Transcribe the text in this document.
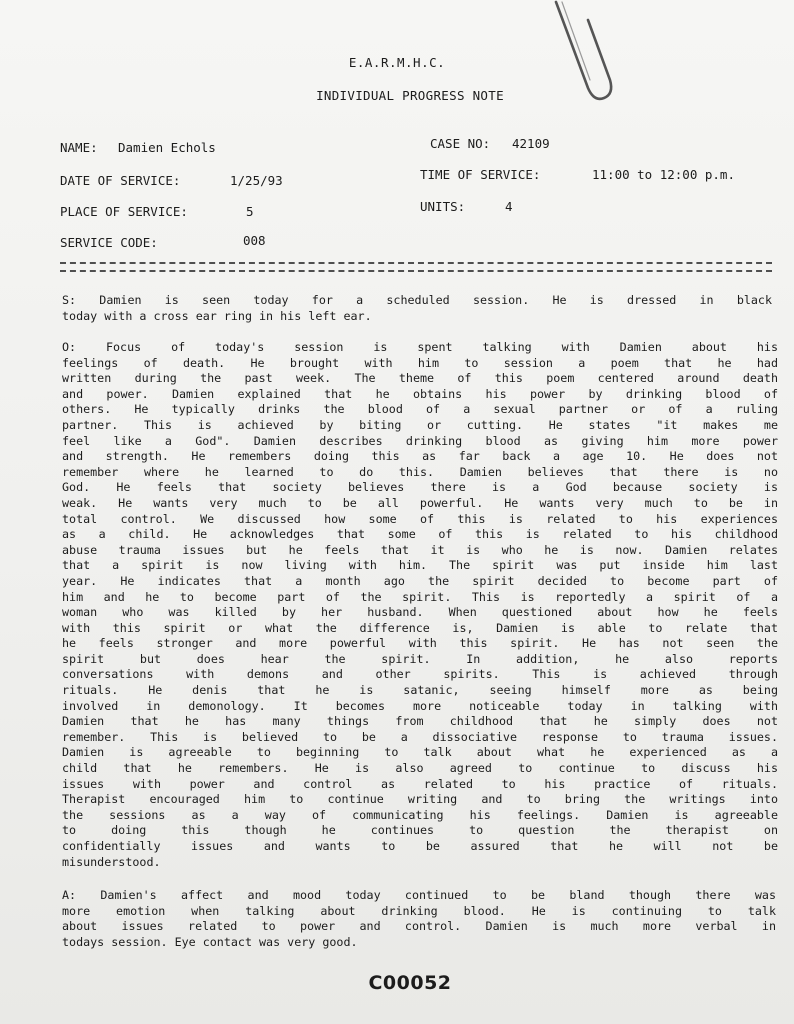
E.A.R.M.H.C.
INDIVIDUAL PROGRESS NOTE
NAME: Damien Echols	CASE NO: 42109
DATE OF SERVICE:	1/25/93	TIME OF SERVICE:	11:00 to 12:00 p.m.
PLACE OF SERVICE:	5	UNITS:	4
SERVICE CODE:	008
S: Damien is seen today for a scheduled session. He is dressed in black
today with a cross ear ring in his left ear.
O: Focus of today's session is spent talking with Damien about his
feelings of death. He brought with him to session a poem that he had
written during the past week. The theme of this poem centered around death
and power. Damien explained that he obtains his power by drinking blood of
others. He typically drinks the blood of a sexual partner or of a ruling
partner. This is achieved by biting or cutting. He states "it makes me
feel like a God". Damien describes drinking blood as giving him more power
and strength. He remembers doing this as far back a age 10. He does not
remember where he learned to do this. Damien believes that there is no
God. He feels that society believes there is a God because society is
weak. He wants very much to be all powerful. He wants very much to be in
total control. We discussed how some of this is related to his experiences
as a child. He acknowledges that some of this is related to his childhood
abuse trauma issues but he feels that it is who he is now. Damien relates
that a spirit is now living with him. The spirit was put inside him last
year. He indicates that a month ago the spirit decided to become part of
him and he to become part of the spirit. This is reportedly a spirit of a
woman who was killed by her husband. When questioned about how he feels
with this spirit or what the difference is, Damien is able to relate that
he feels stronger and more powerful with this spirit. He has not seen the
spirit but does hear the spirit. In addition, he also reports
conversations with demons and other spirits. This is achieved through
rituals. He denis that he is satanic, seeing himself more as being
involved in demonology. It becomes more noticeable today in talking with
Damien that he has many things from childhood that he simply does not
remember. This is believed to be a dissociative response to trauma issues.
Damien is agreeable to beginning to talk about what he experienced as a
child that he remembers. He is also agreed to continue to discuss his
issues with power and control as related to his practice of rituals.
Therapist encouraged him to continue writing and to bring the writings into
the sessions as a way of communicating his feelings. Damien is agreeable
to doing this though he continues to question the therapist on
confidentially issues and wants to be assured that he will not be
misunderstood.
A: Damien's affect and mood today continued to be bland though there was
more emotion when talking about drinking blood. He is continuing to talk
about issues related to power and control. Damien is much more verbal in
todays session. Eye contact was very good.
C00052
